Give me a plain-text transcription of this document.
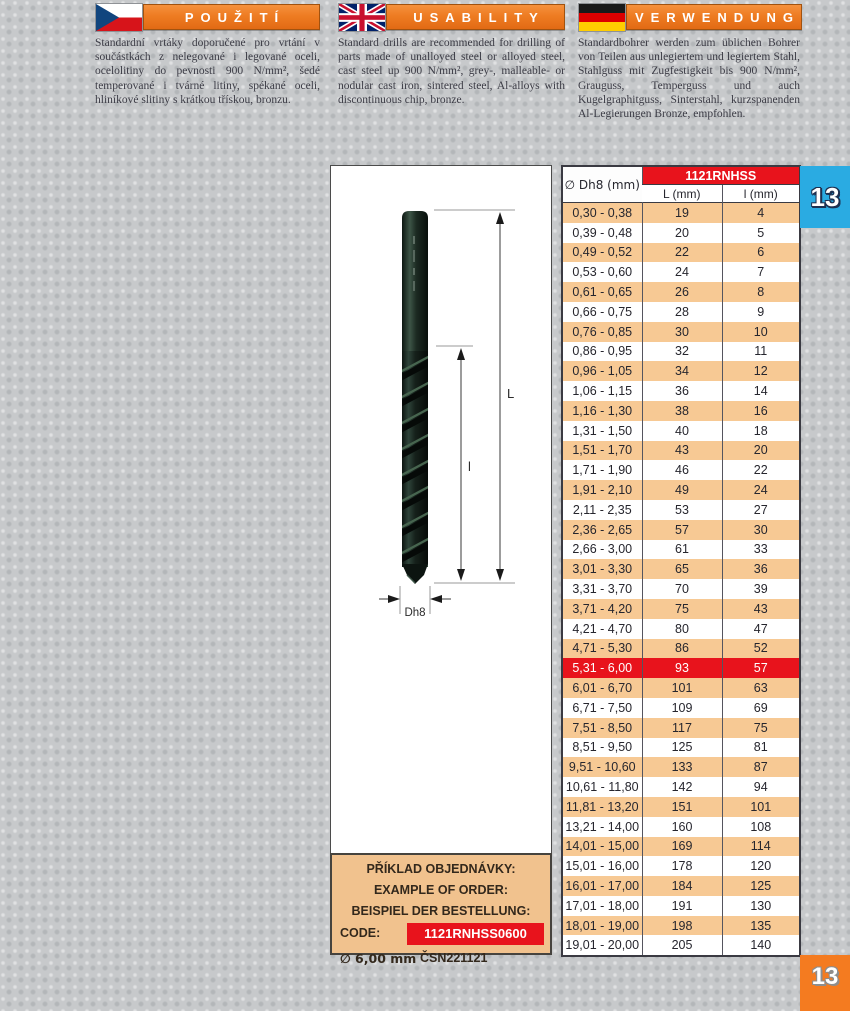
POUŽITÍ
Standardní vrtáky doporučené pro vrtání v součástkách z nelegované i legované oceli, ocelolitiny do pevnosti 900 N/mm², šedé temperované i tvárné litiny, spékané oceli, hliníkové slitiny s krátkou třískou, bronzu.
USABILITY
Standard drills are recommended for drilling of parts made of unalloyed steel or alloyed steel, cast steel up 900 N/mm², grey-, malleable- or nodular cast iron, sintered steel, Al-alloys with discontinuous chip, bronze.
VERWENDUNG
Standardbohrer werden zum üblichen Bohrer von Teilen aus unlegiertem und legiertem Stahl, Stahlguss mit Zugfestigkeit bis 900 N/mm², Grauguss, Temperguss und auch Kugelgraphitguss, Sinterstahl, kurzspanenden Al-Legierungen Bronze, empfohlen.
L
l
Dh8
PŘÍKLAD OBJEDNÁVKY:
EXAMPLE OF ORDER:
BEISPIEL DER BESTELLUNG:
CODE:	1121RNHSS0600
∅ 6,00 mm ČSN221121
∅ Dh8 (mm)	1121RNHSS	
	L (mm)	l (mm)
0,30 - 0,38	19	4
0,39 - 0,48	20	5
0,49 - 0,52	22	6
0,53 - 0,60	24	7
0,61 - 0,65	26	8
0,66 - 0,75	28	9
0,76 - 0,85	30	10
0,86 - 0,95	32	11
0,96 - 1,05	34	12
1,06 - 1,15	36	14
1,16 - 1,30	38	16
1,31 - 1,50	40	18
1,51 - 1,70	43	20
1,71 - 1,90	46	22
1,91 - 2,10	49	24
2,11 - 2,35	53	27
2,36 - 2,65	57	30
2,66 - 3,00	61	33
3,01 - 3,30	65	36
3,31 - 3,70	70	39
3,71 - 4,20	75	43
4,21 - 4,70	80	47
4,71 - 5,30	86	52
5,31 - 6,00	93	57
6,01 - 6,70	101	63
6,71 - 7,50	109	69
7,51 - 8,50	117	75
8,51 - 9,50	125	81
9,51 - 10,60	133	87
10,61 - 11,80	142	94
11,81 - 13,20	151	101
13,21 - 14,00	160	108
14,01 - 15,00	169	114
15,01 - 16,00	178	120
16,01 - 17,00	184	125
17,01 - 18,00	191	130
18,01 - 19,00	198	135
19,01 - 20,00	205	140
13
13
